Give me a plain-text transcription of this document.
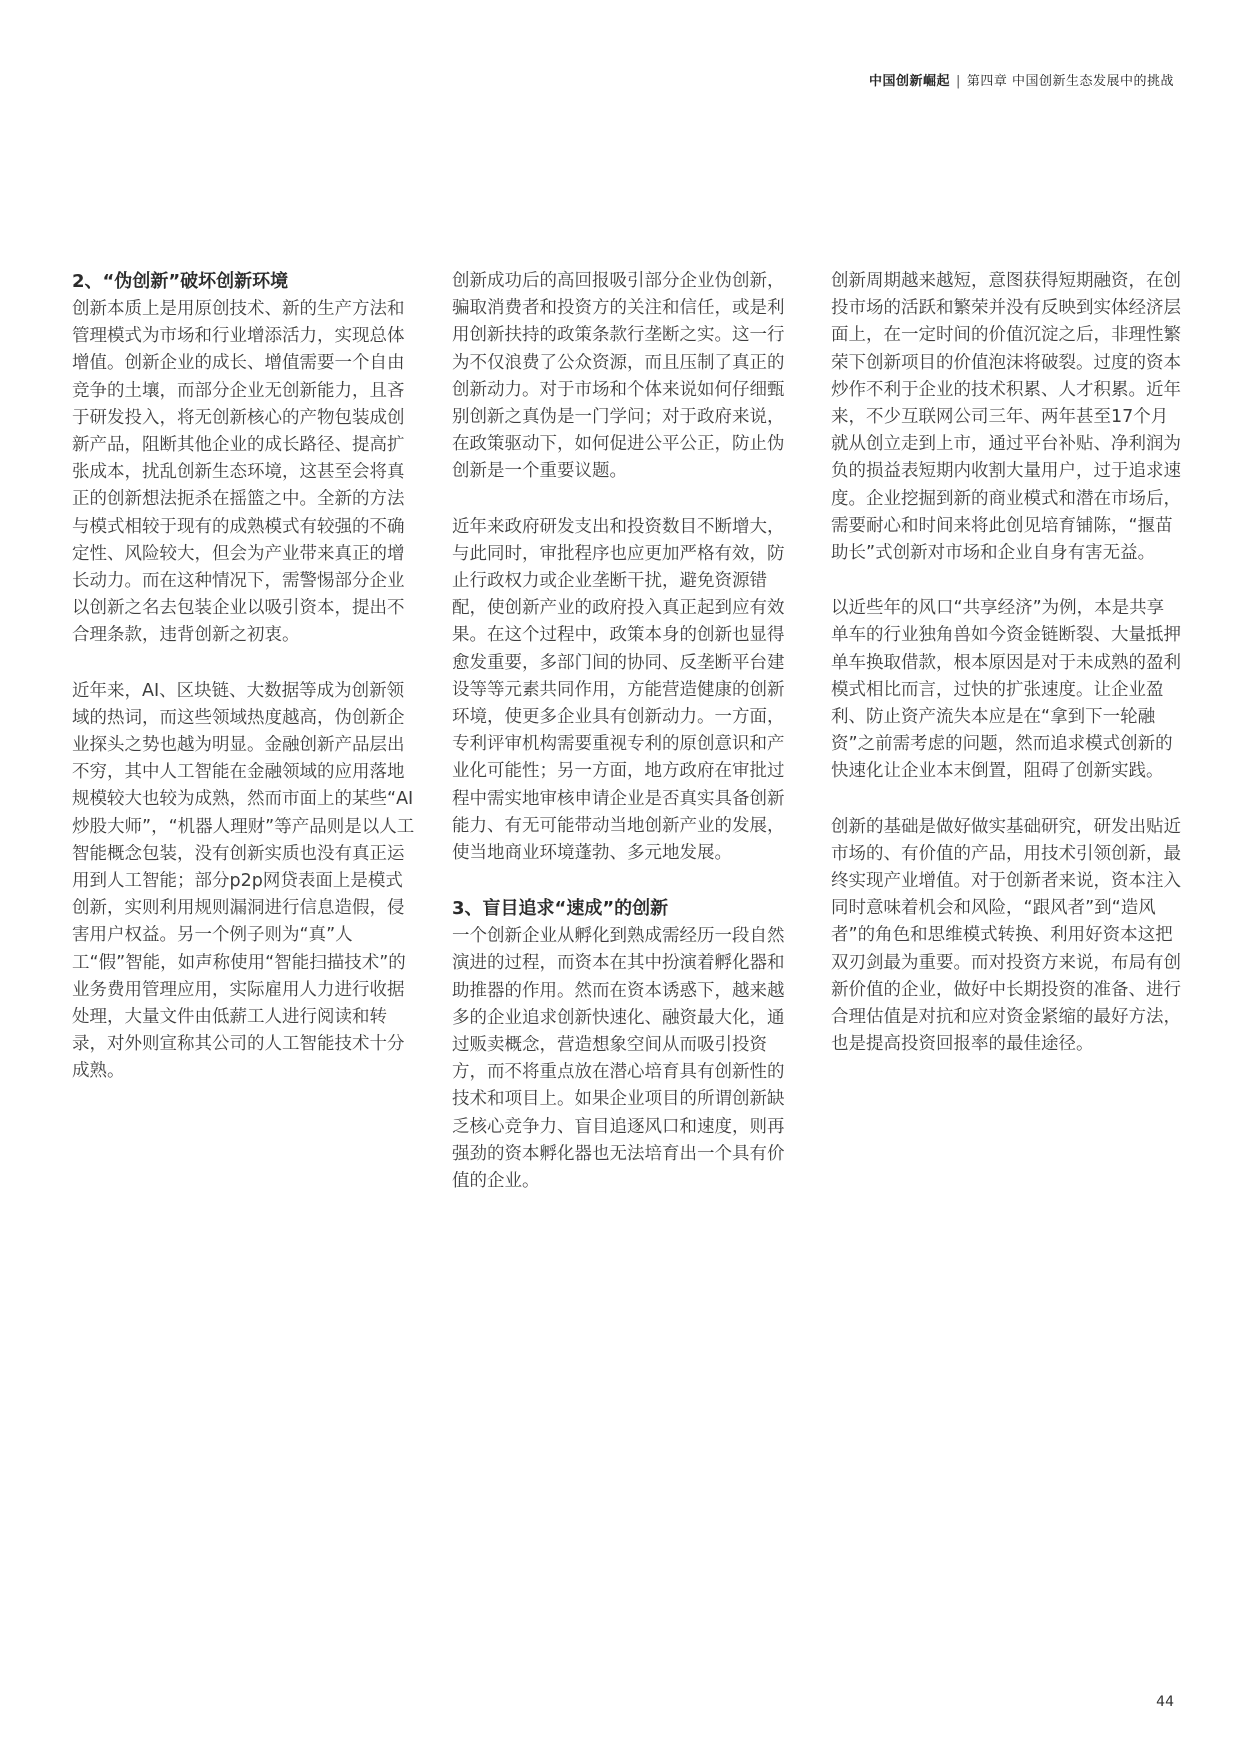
中国创新崛起 | 第四章 中国创新生态发展中的挑战
2、“伪创新”破坏创新环境

创新本质上是用原创技术、新的生产方法和管理模式为市场和行业增添活力，实现总体增值。创新企业的成长、增值需要一个自由竞争的土壤，而部分企业无创新能力，且吝于研发投入，将无创新核心的产物包装成创新产品，阻断其他企业的成长路径、提高扩张成本，扰乱创新生态环境，这甚至会将真正的创新想法扼杀在摇篮之中。全新的方法与模式相较于现有的成熟模式有较强的不确定性、风险较大，但会为产业带来真正的增长动力。而在这种情况下，需警惕部分企业以创新之名去包装企业以吸引资本，提出不合理条款，违背创新之初衷。

近年来，AI、区块链、大数据等成为创新领域的热词，而这些领域热度越高，伪创新企业探头之势也越为明显。金融创新产品层出不穷，其中人工智能在金融领域的应用落地规模较大也较为成熟，然而市面上的某些“AI炒股大师”，“机器人理财”等产品则是以人工智能概念包装，没有创新实质也没有真正运用到人工智能；部分p2p网贷表面上是模式创新，实则利用规则漏洞进行信息造假，侵害用户权益。另一个例子则为“真”人工“假”智能，如声称使用“智能扫描技术”的业务费用管理应用，实际雇用人力进行收据处理，大量文件由低薪工人进行阅读和转录，对外则宣称其公司的人工智能技术十分成熟。

创新成功后的高回报吸引部分企业伪创新，骗取消费者和投资方的关注和信任，或是利用创新扶持的政策条款行垄断之实。这一行为不仅浪费了公众资源，而且压制了真正的创新动力。对于市场和个体来说如何仔细甄别创新之真伪是一门学问；对于政府来说，在政策驱动下，如何促进公平公正，防止伪创新是一个重要议题。

近年来政府研发支出和投资数目不断增大，与此同时，审批程序也应更加严格有效，防止行政权力或企业垄断干扰，避免资源错配，使创新产业的政府投入真正起到应有效果。在这个过程中，政策本身的创新也显得愈发重要，多部门间的协同、反垄断平台建设等等元素共同作用，方能营造健康的创新环境，使更多企业具有创新动力。一方面，专利评审机构需要重视专利的原创意识和产业化可能性；另一方面，地方政府在审批过程中需实地审核申请企业是否真实具备创新能力、有无可能带动当地创新产业的发展，使当地商业环境蓬勃、多元地发展。

3、盲目追求“速成”的创新

一个创新企业从孵化到熟成需经历一段自然演进的过程，而资本在其中扮演着孵化器和助推器的作用。然而在资本诱惑下，越来越多的企业追求创新快速化、融资最大化，通过贩卖概念，营造想象空间从而吸引投资方，而不将重点放在潜心培育具有创新性的技术和项目上。如果企业项目的所谓创新缺乏核心竞争力、盲目追逐风口和速度，则再强劲的资本孵化器也无法培育出一个具有价值的企业。

创新周期越来越短，意图获得短期融资，在创投市场的活跃和繁荣并没有反映到实体经济层面上，在一定时间的价值沉淀之后，非理性繁荣下创新项目的价值泡沫将破裂。过度的资本炒作不利于企业的技术积累、人才积累。近年来，不少互联网公司三年、两年甚至17个月就从创立走到上市，通过平台补贴、净利润为负的损益表短期内收割大量用户，过于追求速度。企业挖掘到新的商业模式和潜在市场后，需要耐心和时间来将此创见培育铺陈，“揠苗助长”式创新对市场和企业自身有害无益。

以近些年的风口“共享经济”为例，本是共享单车的行业独角兽如今资金链断裂、大量抵押单车换取借款，根本原因是对于未成熟的盈利模式相比而言，过快的扩张速度。让企业盈利、防止资产流失本应是在“拿到下一轮融资”之前需考虑的问题，然而追求模式创新的快速化让企业本末倒置，阻碍了创新实践。

创新的基础是做好做实基础研究，研发出贴近市场的、有价值的产品，用技术引领创新，最终实现产业增值。对于创新者来说，资本注入同时意味着机会和风险，“跟风者”到“造风者”的角色和思维模式转换、利用好资本这把双刃剑最为重要。而对投资方来说，布局有创新价值的企业，做好中长期投资的准备、进行合理估值是对抗和应对资金紧缩的最好方法，也是提高投资回报率的最佳途径。

44
